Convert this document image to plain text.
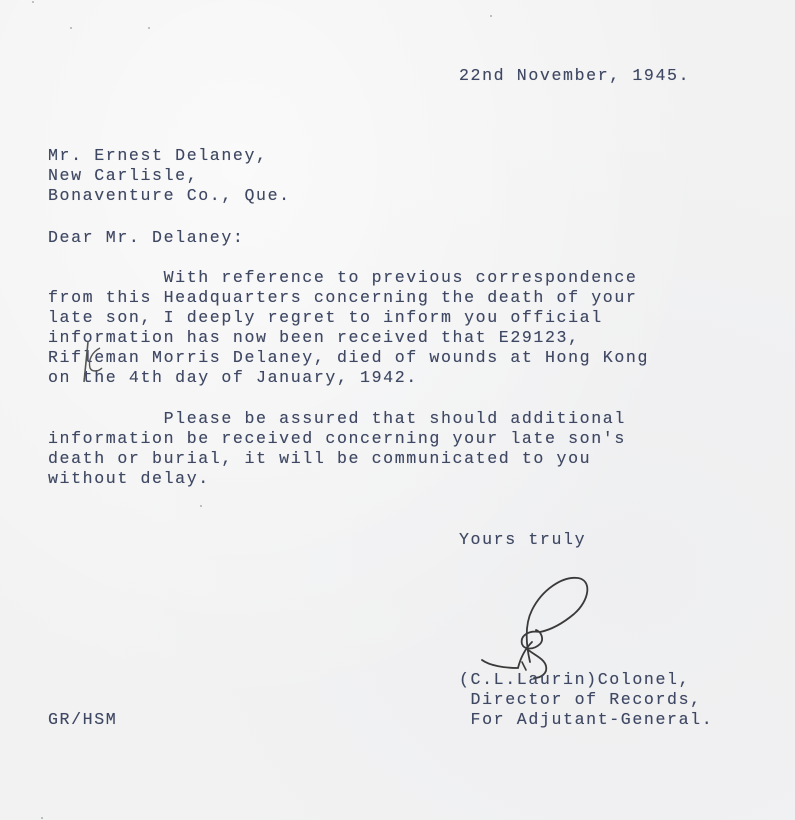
22nd November, 1945.
Mr. Ernest Delaney,
New Carlisle,
Bonaventure Co., Que.
Dear Mr. Delaney:
With reference to previous correspondence
from this Headquarters concerning the death of your
late son, I deeply regret to inform you official
information has now been received that E29123,
Rifleman Morris Delaney, died of wounds at Hong Kong
on the 4th day of January, 1942.
Please be assured that should additional
information be received concerning your late son's
death or burial, it will be communicated to you
without delay.
Yours truly
(C.L.Laurin)Colonel,
Director of Records,
For Adjutant-General.
GR/HSM
